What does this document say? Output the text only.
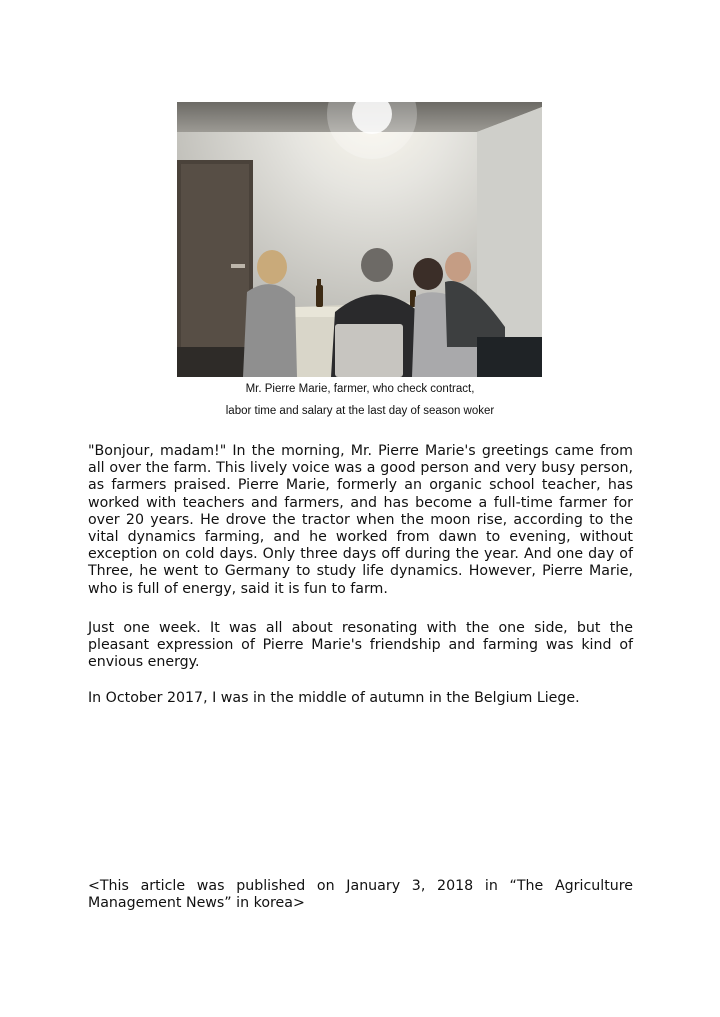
Mr. Pierre Marie, farmer, who check contract,
labor time and salary at the last day of season woker

"Bonjour, madam!" In the morning, Mr. Pierre Marie's greetings came from all over the farm. This lively voice was a good person and very busy person, as farmers praised. Pierre Marie, formerly an organic school teacher, has worked with teachers and farmers, and has become a full-time farmer for over 20 years. He drove the tractor when the moon rise, according to the vital dynamics farming, and he worked from dawn to evening, without exception on cold days. Only three days off during the year. And one day of Three, he went to Germany to study life dynamics. However, Pierre Marie, who is full of energy, said it is fun to farm.

Just one week. It was all about resonating with the one side, but the pleasant expression of Pierre Marie's friendship and farming was kind of envious energy.

In October 2017, I was in the middle of autumn in the Belgium Liege.

<This article was published on January 3, 2018 in “The Agriculture Management News” in korea>
